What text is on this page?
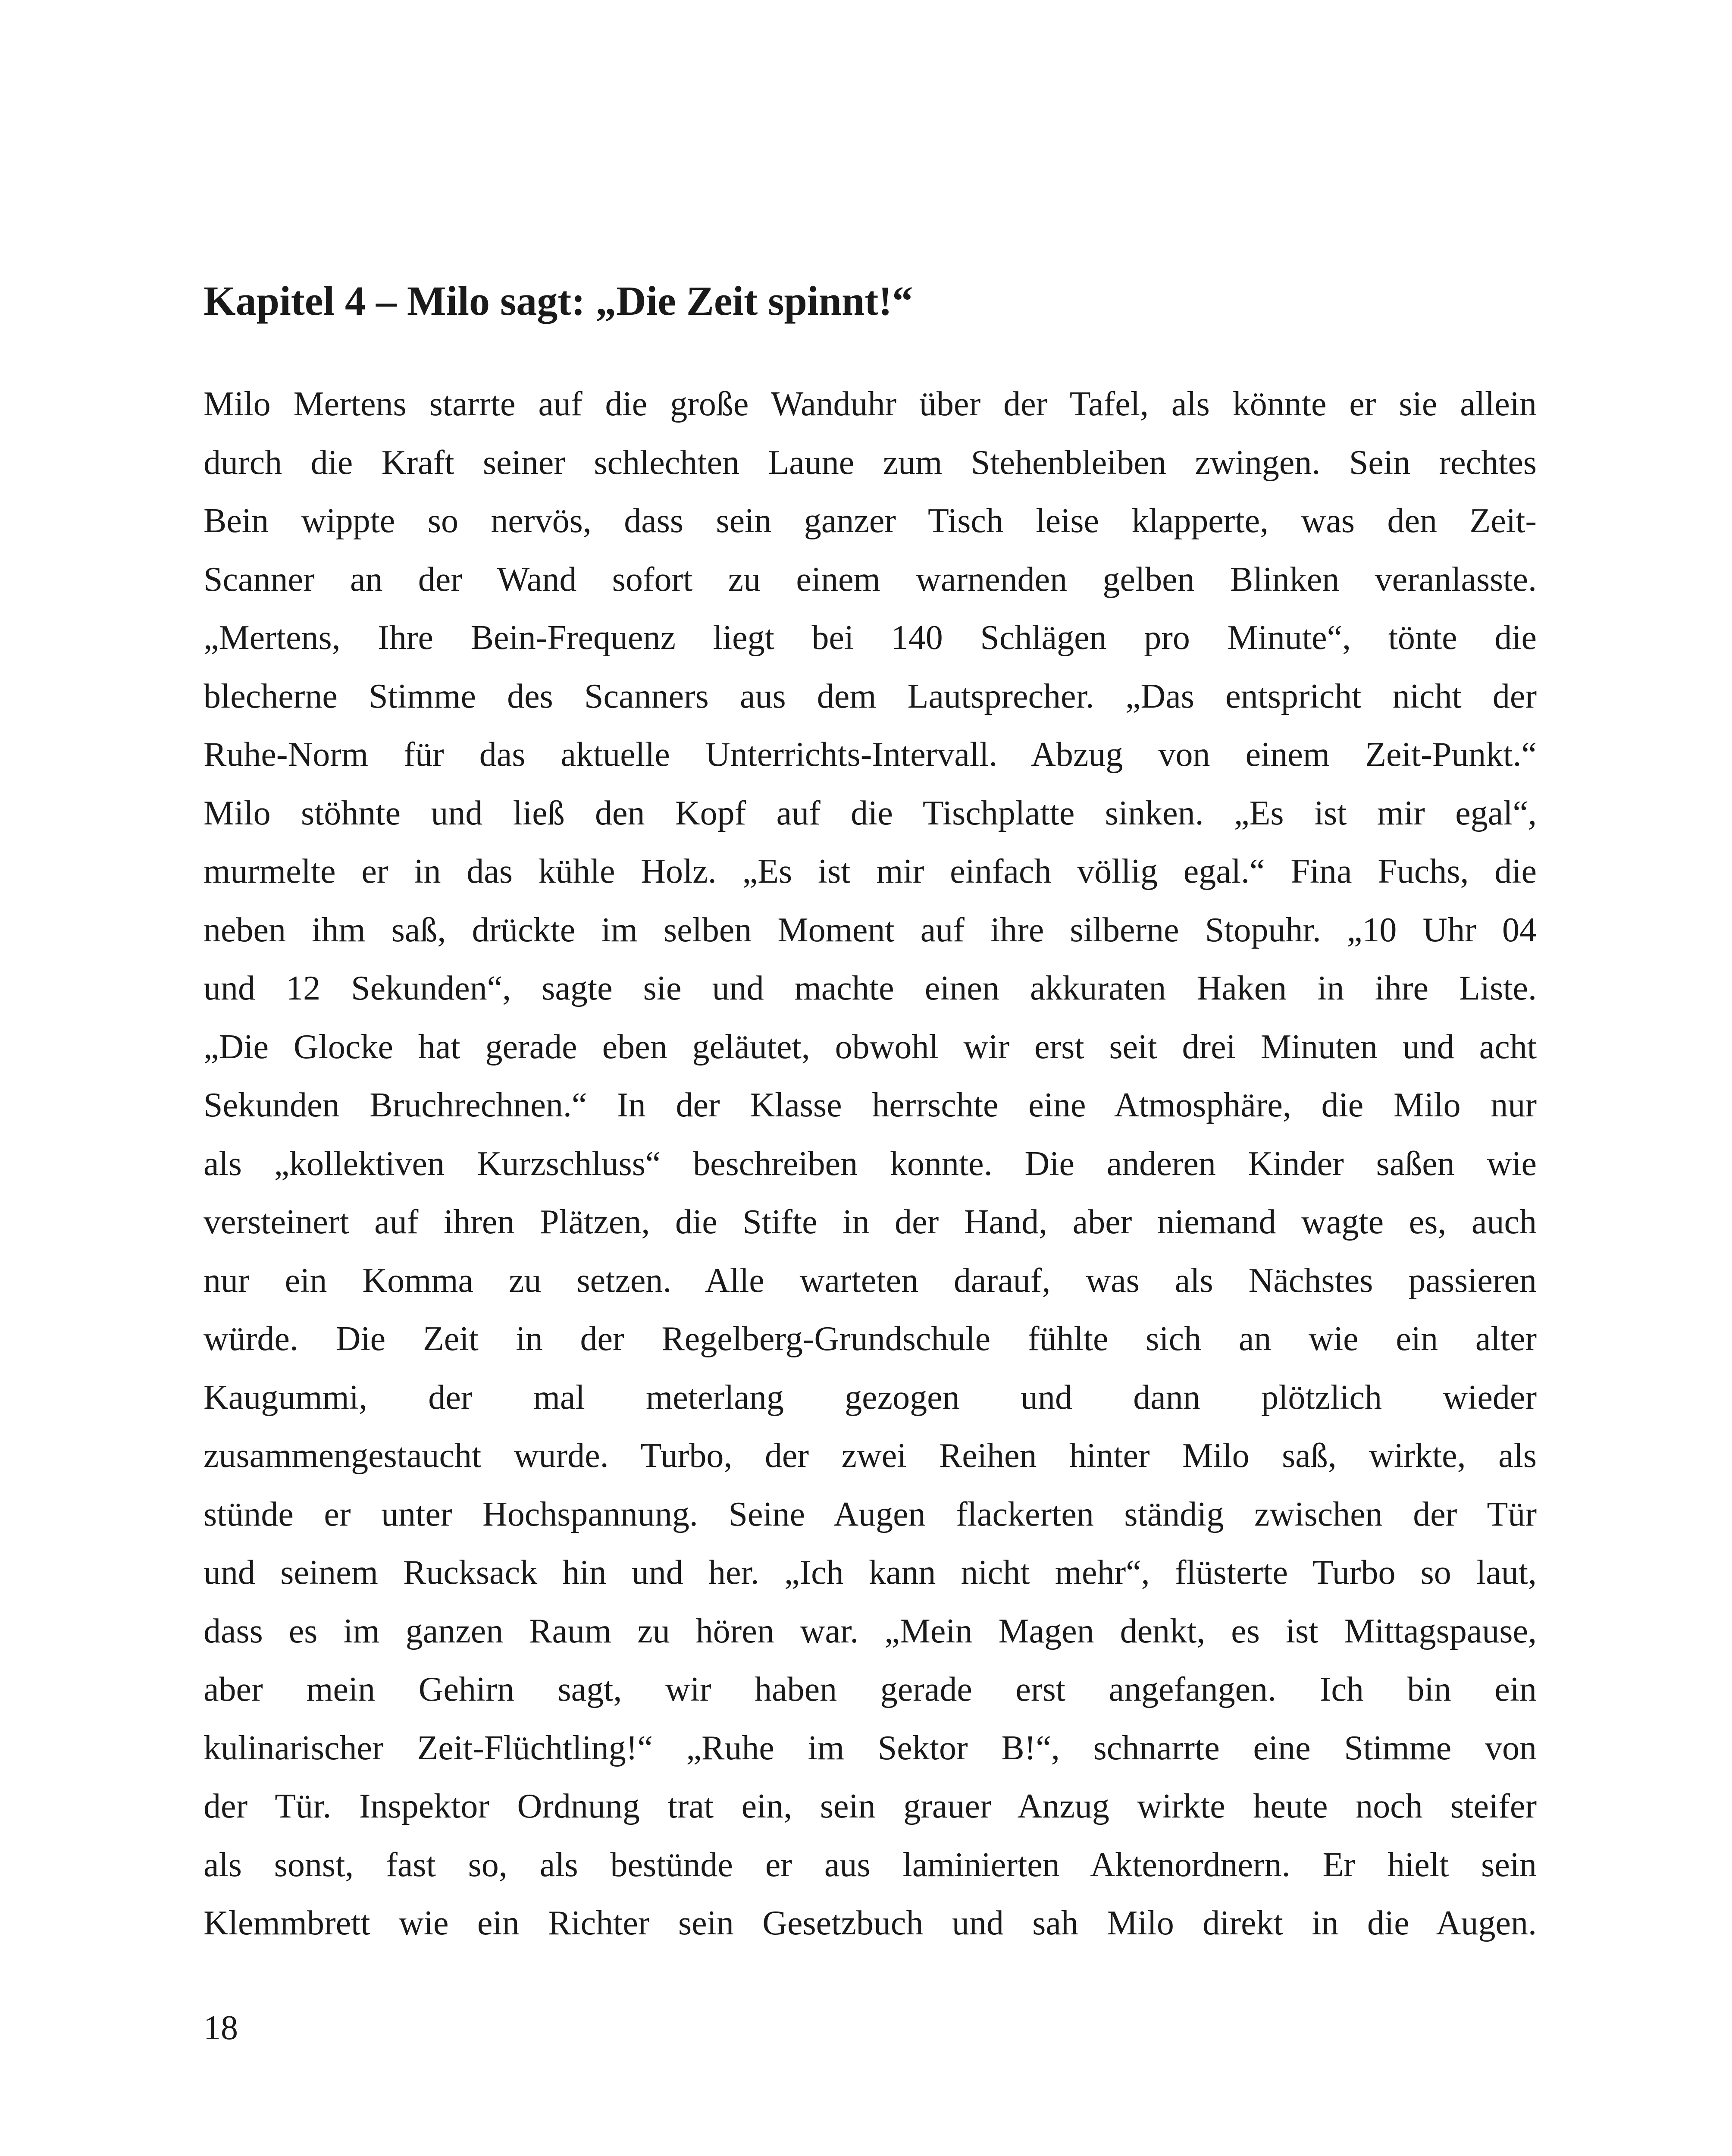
Kapitel 4 – Milo sagt: „Die Zeit spinnt!“
Milo Mertens starrte auf die große Wanduhr über der Tafel, als könnte er sie allein
durch die Kraft seiner schlechten Laune zum Stehenbleiben zwingen. Sein rechtes
Bein wippte so nervös, dass sein ganzer Tisch leise klapperte, was den Zeit-
Scanner an der Wand sofort zu einem warnenden gelben Blinken veranlasste.
„Mertens, Ihre Bein-Frequenz liegt bei 140 Schlägen pro Minute“, tönte die
blecherne Stimme des Scanners aus dem Lautsprecher. „Das entspricht nicht der
Ruhe-Norm für das aktuelle Unterrichts-Intervall. Abzug von einem Zeit-Punkt.“
Milo stöhnte und ließ den Kopf auf die Tischplatte sinken. „Es ist mir egal“,
murmelte er in das kühle Holz. „Es ist mir einfach völlig egal.“ Fina Fuchs, die
neben ihm saß, drückte im selben Moment auf ihre silberne Stopuhr. „10 Uhr 04
und 12 Sekunden“, sagte sie und machte einen akkuraten Haken in ihre Liste.
„Die Glocke hat gerade eben geläutet, obwohl wir erst seit drei Minuten und acht
Sekunden Bruchrechnen.“ In der Klasse herrschte eine Atmosphäre, die Milo nur
als „kollektiven Kurzschluss“ beschreiben konnte. Die anderen Kinder saßen wie
versteinert auf ihren Plätzen, die Stifte in der Hand, aber niemand wagte es, auch
nur ein Komma zu setzen. Alle warteten darauf, was als Nächstes passieren
würde. Die Zeit in der Regelberg-Grundschule fühlte sich an wie ein alter
Kaugummi, der mal meterlang gezogen und dann plötzlich wieder
zusammengestaucht wurde. Turbo, der zwei Reihen hinter Milo saß, wirkte, als
stünde er unter Hochspannung. Seine Augen flackerten ständig zwischen der Tür
und seinem Rucksack hin und her. „Ich kann nicht mehr“, flüsterte Turbo so laut,
dass es im ganzen Raum zu hören war. „Mein Magen denkt, es ist Mittagspause,
aber mein Gehirn sagt, wir haben gerade erst angefangen. Ich bin ein
kulinarischer Zeit-Flüchtling!“ „Ruhe im Sektor B!“, schnarrte eine Stimme von
der Tür. Inspektor Ordnung trat ein, sein grauer Anzug wirkte heute noch steifer
als sonst, fast so, als bestünde er aus laminierten Aktenordnern. Er hielt sein
Klemmbrett wie ein Richter sein Gesetzbuch und sah Milo direkt in die Augen.

18
